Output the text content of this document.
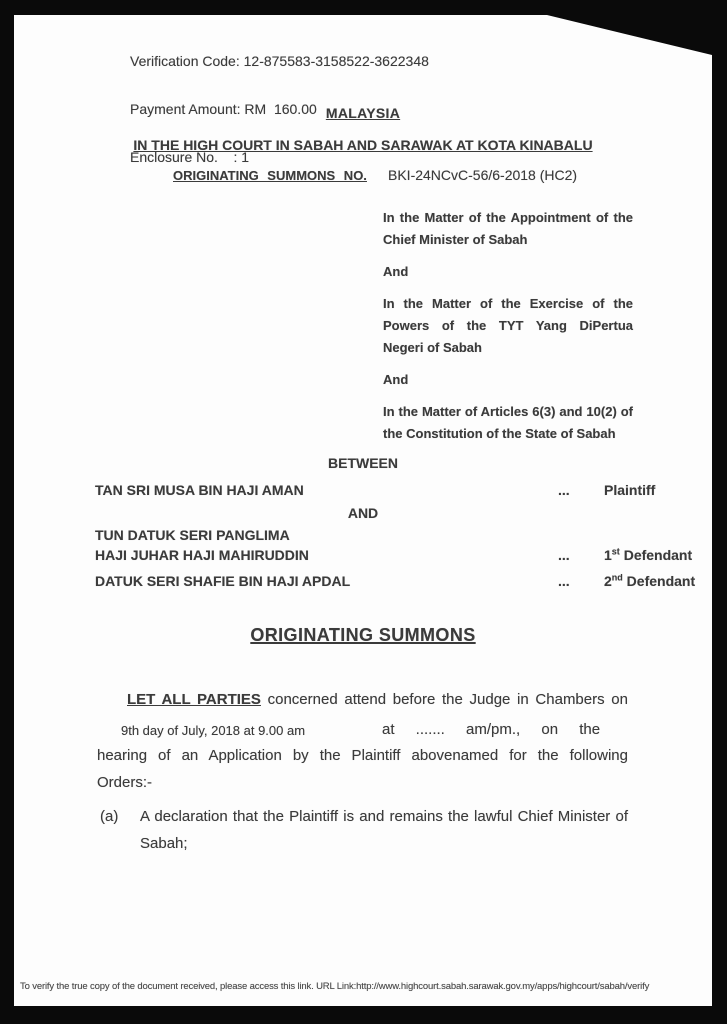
Verification Code: 12-875583-3158522-3622348

Payment Amount: RM  160.00

Enclosure No.    : 1

MALAYSIA
IN THE HIGH COURT IN SABAH AND SARAWAK AT KOTA KINABALU
ORIGINATING SUMMONS NO. BKI-24NCvC-56/6-2018 (HC2)
In the Matter of the Appointment of the
Chief Minister of Sabah
And
In the Matter of the Exercise of the
Powers of the TYT Yang DiPertua
Negeri of Sabah
And
In the Matter of Articles 6(3) and 10(2) of
the Constitution of the State of Sabah
BETWEEN
TAN SRI MUSA BIN HAJI AMAN	... Plaintiff
AND
TUN DATUK SERI PANGLIMA
HAJI JUHAR HAJI MAHIRUDDIN	... 1st Defendant
DATUK SERI SHAFIE BIN HAJI APDAL	... 2nd Defendant
ORIGINATING SUMMONS
LET ALL PARTIES concerned attend before the Judge in Chambers on
9th day of July, 2018 at 9.00 am	at ....... am/pm., on the
hearing of an Application by the Plaintiff abovenamed for the following
Orders:-
(a) A declaration that the Plaintiff is and remains the lawful Chief Minister of
Sabah;
To verify the true copy of the document received, please access this link. URL Link:http://www.highcourt.sabah.sarawak.gov.my/apps/highcourt/sabah/verify
